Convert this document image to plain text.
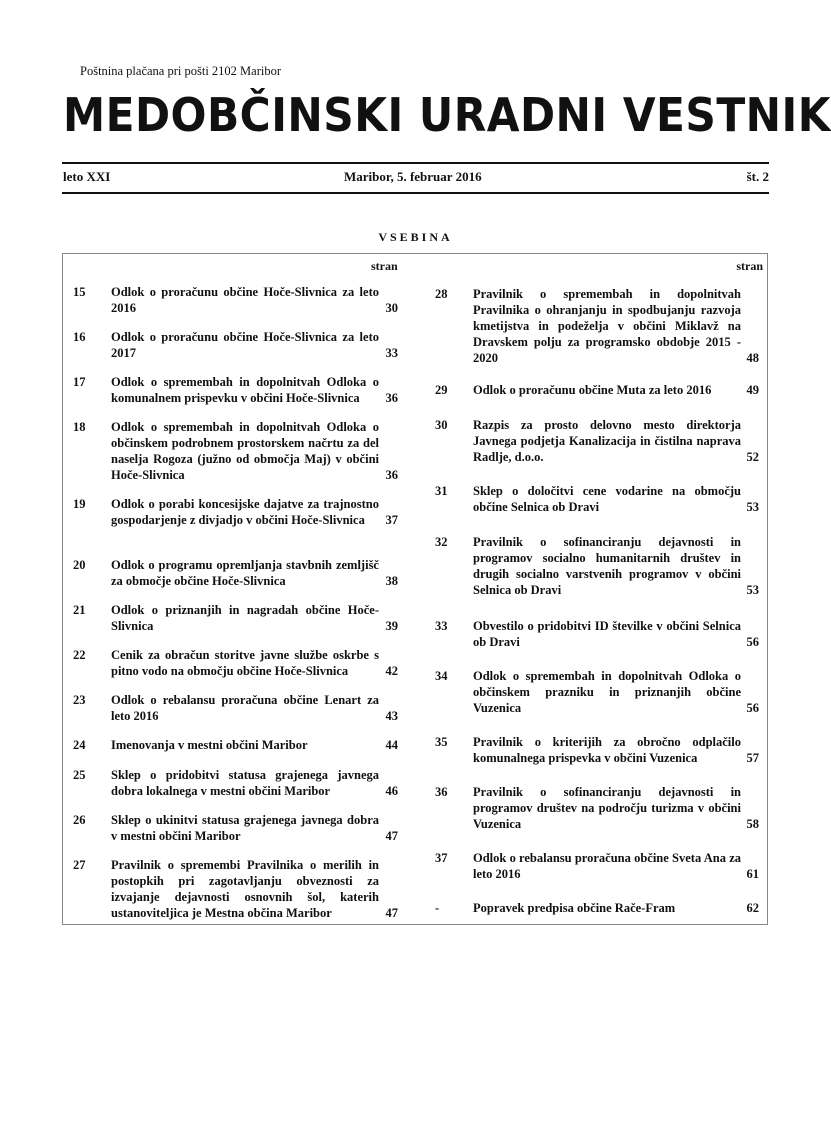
Poštnina plačana pri pošti 2102 Maribor
MEDOBČINSKI URADNI VESTNIK
leto XXI	Maribor, 5. februar 2016	št. 2
VSEBINA
stran	stran
15	Odlok o proračunu občine Hoče-Slivnica za leto 2016	30
16	Odlok o proračunu občine Hoče-Slivnica za leto 2017	33
17	Odlok o spremembah in dopolnitvah Odloka o komunalnem prispevku v občini Hoče-Slivnica	36
18	Odlok o spremembah in dopolnitvah Odloka o občinskem podrobnem prostorskem načrtu za del naselja Rogoza (južno od območja Maj) v občini Hoče-Slivnica	36
19	Odlok o porabi koncesijske dajatve za trajnostno gospodarjenje z divjadjo v občini Hoče-Slivnica	37
20	Odlok o programu opremljanja stavbnih zemljišč za območje občine Hoče-Slivnica	38
21	Odlok o priznanjih in nagradah občine Hoče-Slivnica	39
22	Cenik za obračun storitve javne službe oskrbe s pitno vodo na območju občine Hoče-Slivnica	42
23	Odlok o rebalansu proračuna občine Lenart za leto 2016	43
24	Imenovanja v mestni občini Maribor	44
25	Sklep o pridobitvi statusa grajenega javnega dobra lokalnega v mestni občini Maribor	46
26	Sklep o ukinitvi statusa grajenega javnega dobra v mestni občini Maribor	47
27	Pravilnik o spremembi Pravilnika o merilih in postopkih pri zagotavljanju obveznosti za izvajanje dejavnosti osnovnih šol, katerih ustanoviteljica je Mestna občina Maribor	47
28	Pravilnik o spremembah in dopolnitvah Pravilnika o ohranjanju in spodbujanju razvoja kmetijstva in podeželja v občini Miklavž na Dravskem polju za programsko obdobje 2015 - 2020	48
29	Odlok o proračunu občine Muta za leto 2016	49
30	Razpis za prosto delovno mesto direktorja Javnega podjetja Kanalizacija in čistilna naprava Radlje, d.o.o.	52
31	Sklep o določitvi cene vodarine na območju občine Selnica ob Dravi	53
32	Pravilnik o sofinanciranju dejavnosti in programov socialno humanitarnih društev in drugih socialno varstvenih programov v občini Selnica ob Dravi	53
33	Obvestilo o pridobitvi ID številke v občini Selnica ob Dravi	56
34	Odlok o spremembah in dopolnitvah Odloka o občinskem prazniku in priznanjih občine Vuzenica	56
35	Pravilnik o kriterijih za obročno odplačilo komunalnega prispevka v občini Vuzenica	57
36	Pravilnik o sofinanciranju dejavnosti in programov društev na področju turizma v občini Vuzenica	58
37	Odlok o rebalansu proračuna občine Sveta Ana za leto 2016	61
-	Popravek predpisa občine Rače-Fram	62
